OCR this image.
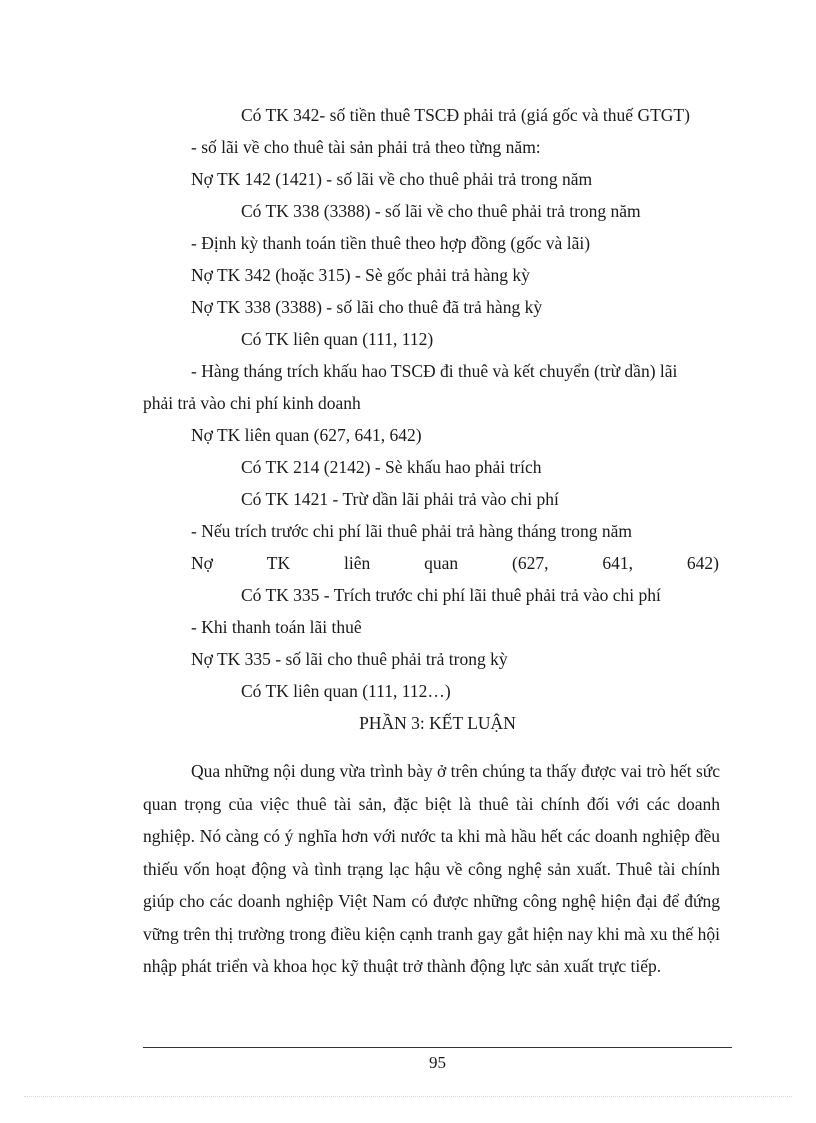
Có TK 342- số tiền thuê TSCĐ phải trả (giá gốc và thuế GTGT)
- số lãi về cho thuê tài sản phải trả theo từng năm:
Nợ TK 142 (1421) - số lãi về cho thuê phải trả trong năm
Có TK 338 (3388) - số lãi về cho thuê phải trả trong năm
- Định kỳ thanh toán tiền thuê theo hợp đồng (gốc và lãi)
Nợ TK 342 (hoặc 315) - Sè gốc phải trả hàng kỳ
Nợ TK 338 (3388) - số lãi cho thuê đã trả hàng kỳ
Có TK liên quan (111, 112)
- Hàng tháng trích khấu hao TSCĐ đi thuê và kết chuyển (trừ dần) lãi
phải trả vào chi phí kinh doanh
Nợ TK liên quan (627, 641, 642)
Có TK 214 (2142) - Sè khấu hao phải trích
Có TK 1421 - Trừ dần lãi phải trả vào chi phí
- Nếu trích trước chi phí lãi thuê phải trả hàng tháng trong năm
Nợ	TK	liên	quan	(627,	641,	642)
Có TK 335 - Trích trước chi phí lãi thuê phải trả vào chi phí
- Khi thanh toán lãi thuê
Nợ TK 335 - số lãi cho thuê phải trả trong kỳ
Có TK liên quan (111, 112…)
PHẦN 3: KẾT LUẬN

Qua những nội dung vừa trình bày ở trên chúng ta thấy được vai trò hết sức quan trọng của việc thuê tài sản, đặc biệt là thuê tài chính đối với các doanh nghiệp. Nó càng có ý nghĩa hơn với nước ta khi mà hầu hết các doanh nghiệp đều thiếu vốn hoạt động và tình trạng lạc hậu về công nghệ sản xuất. Thuê tài chính giúp cho các doanh nghiệp Việt Nam có được những công nghệ hiện đại để đứng vững trên thị trường trong điều kiện cạnh tranh gay gắt hiện nay khi mà xu thế hội nhập phát triển và khoa học kỹ thuật trở thành động lực sản xuất trực tiếp.

95
